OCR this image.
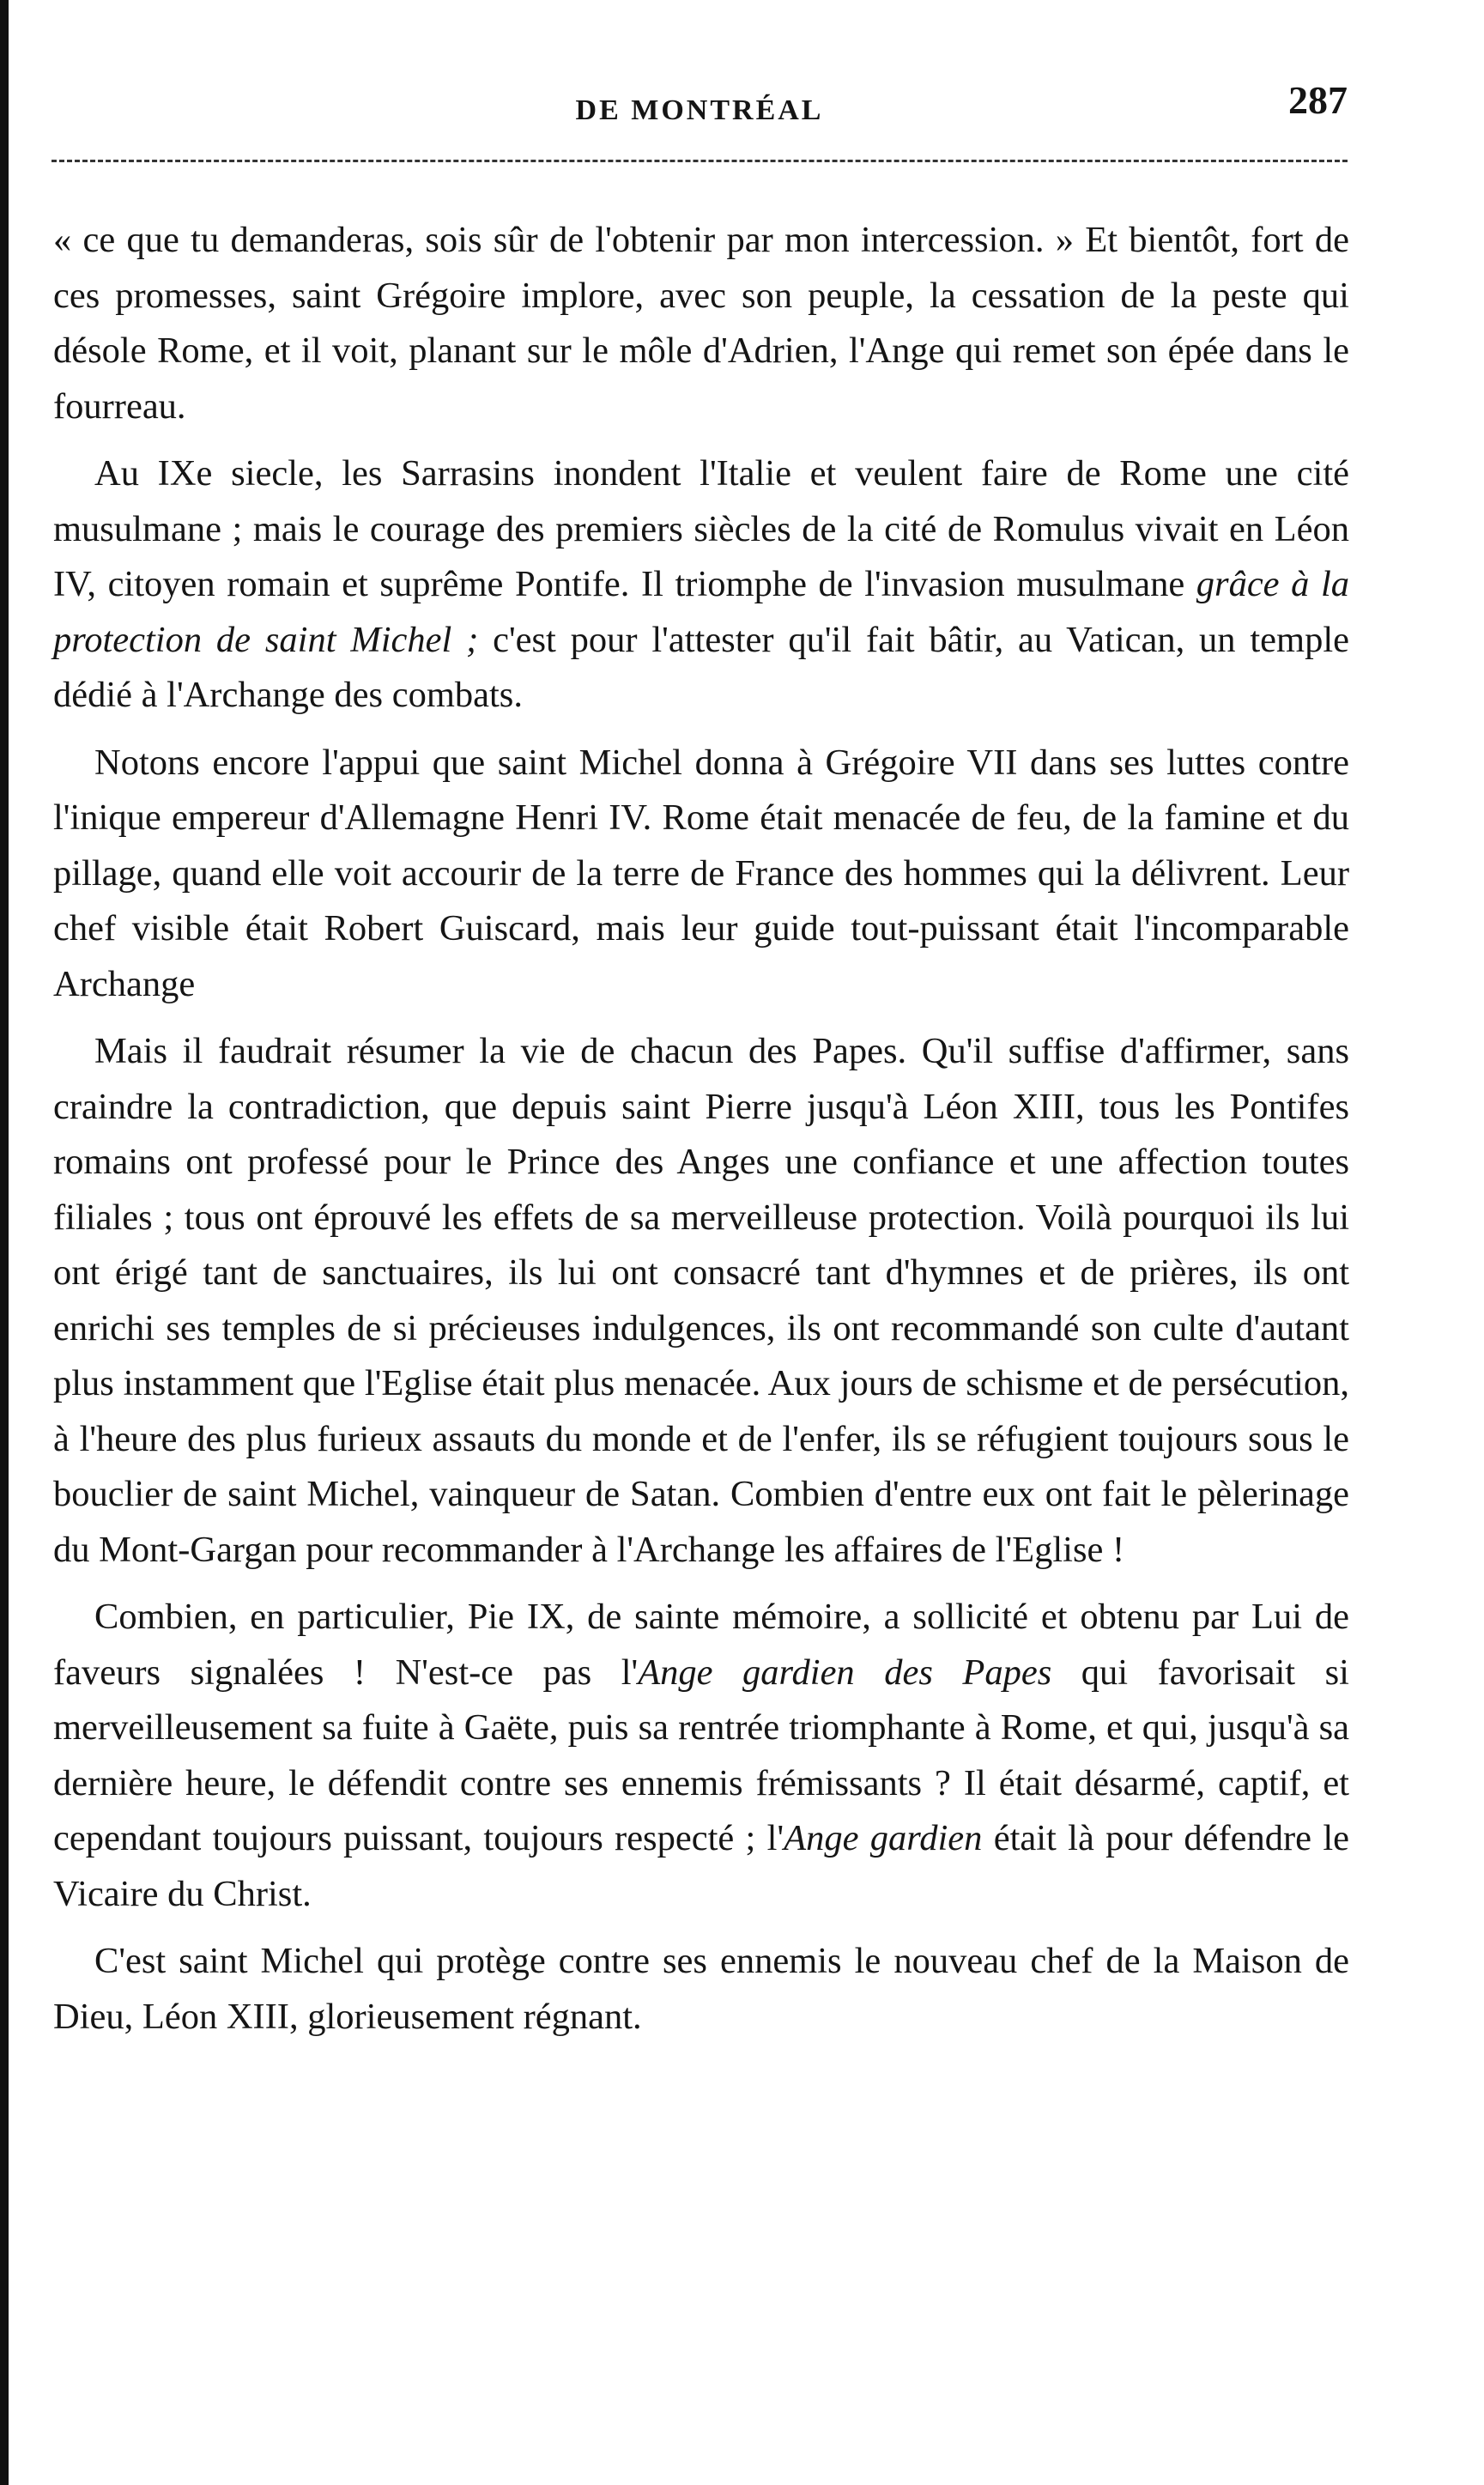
DE MONTRÉAL	287

« ce que tu demanderas, sois sûr de l'obtenir par mon intercession. » Et bientôt, fort de ces promesses, saint Grégoire implore, avec son peuple, la cessation de la peste qui désole Rome, et il voit, planant sur le môle d'Adrien, l'Ange qui remet son épée dans le fourreau.

Au IXe siecle, les Sarrasins inondent l'Italie et veulent faire de Rome une cité musulmane ; mais le courage des premiers siècles de la cité de Romulus vivait en Léon IV, citoyen romain et suprême Pontife. Il triomphe de l'invasion musulmane grâce à la protection de saint Michel ; c'est pour l'attester qu'il fait bâtir, au Vatican, un temple dédié à l'Archange des combats.

Notons encore l'appui que saint Michel donna à Grégoire VII dans ses luttes contre l'inique empereur d'Allemagne Henri IV. Rome était menacée de feu, de la famine et du pillage, quand elle voit accourir de la terre de France des hommes qui la délivrent. Leur chef visible était Robert Guiscard, mais leur guide tout-puissant était l'incomparable Archange

Mais il faudrait résumer la vie de chacun des Papes. Qu'il suffise d'affirmer, sans craindre la contradiction, que depuis saint Pierre jusqu'à Léon XIII, tous les Pontifes romains ont professé pour le Prince des Anges une confiance et une affection toutes filiales ; tous ont éprouvé les effets de sa merveilleuse protection. Voilà pourquoi ils lui ont érigé tant de sanctuaires, ils lui ont consacré tant d'hymnes et de prières, ils ont enrichi ses temples de si précieuses indulgences, ils ont recommandé son culte d'autant plus instamment que l'Eglise était plus menacée. Aux jours de schisme et de persécution, à l'heure des plus furieux assauts du monde et de l'enfer, ils se réfugient toujours sous le bouclier de saint Michel, vainqueur de Satan. Combien d'entre eux ont fait le pèlerinage du Mont-Gargan pour recommander à l'Archange les affaires de l'Eglise !

Combien, en particulier, Pie IX, de sainte mémoire, a sollicité et obtenu par Lui de faveurs signalées ! N'est-ce pas l'Ange gardien des Papes qui favorisait si merveilleusement sa fuite à Gaëte, puis sa rentrée triomphante à Rome, et qui, jusqu'à sa dernière heure, le défendit contre ses ennemis frémissants ? Il était désarmé, captif, et cependant toujours puissant, toujours respecté ; l'Ange gardien était là pour défendre le Vicaire du Christ.

C'est saint Michel qui protège contre ses ennemis le nouveau chef de la Maison de Dieu, Léon XIII, glorieusement régnant.
